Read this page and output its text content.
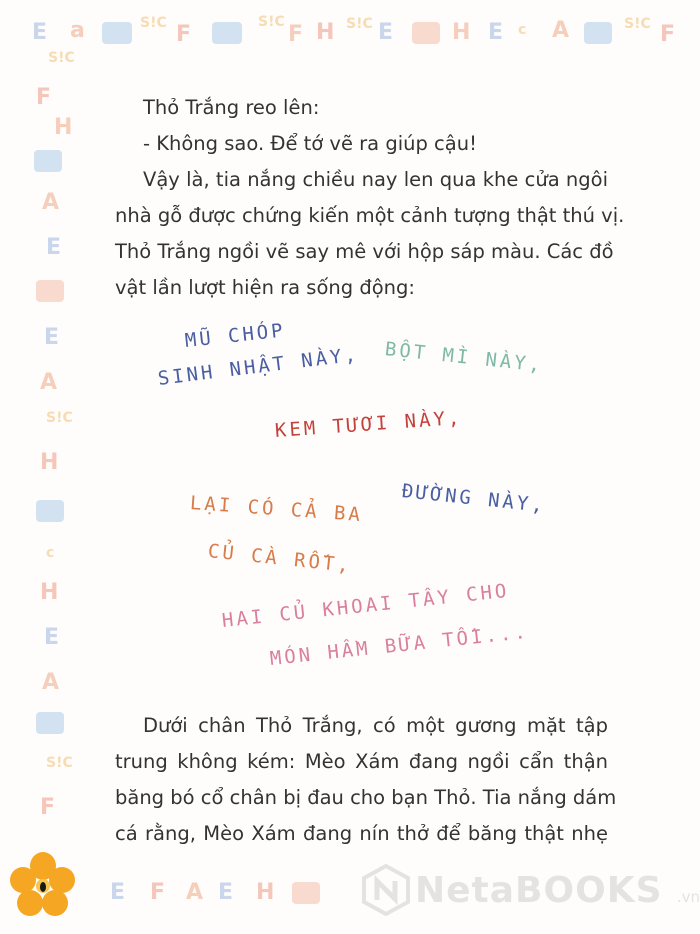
E a	S!C F	S!C F H S!C E	H E c A	S!C F
S!C
F
H
A
E
E
A
S!C
H
c
H
E
A
S!C
F
E F A E H

Thỏ Trắng reo lên:

- Không sao. Để tớ vẽ ra giúp cậu!

Vậy là, tia nắng chiều nay len qua khe cửa ngôi
nhà gỗ được chứng kiến một cảnh tượng thật thú vị.
Thỏ Trắng ngồi vẽ say mê với hộp sáp màu. Các đồ
vật lần lượt hiện ra sống động:

MŨ CHÓP
SINH NHẬT NÀY, BỘT MÌ NÀY,
KEM TƯƠI NÀY,
ĐƯỜNG NÀY,
LẠI CÓ CẢ BA
CỦ CÀ RỐT,
HAI CỦ KHOAI TÂY CHO
MÓN HẦM BỮA TỐI...

Dưới chân Thỏ Trắng, có một gương mặt tập
trung không kém: Mèo Xám đang ngồi cẩn thận
băng bó cổ chân bị đau cho bạn Thỏ. Tia nắng dám
cá rằng, Mèo Xám đang nín thở để băng thật nhẹ

NetaBOOKS .vn
